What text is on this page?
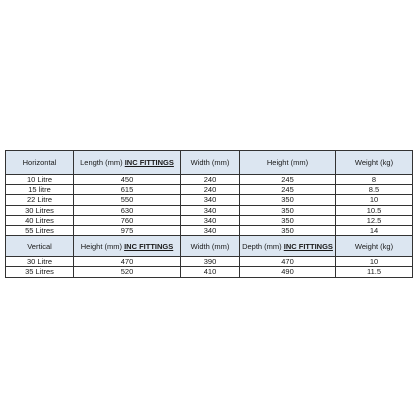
Horizontal	Length (mm) INC FITTINGS	Width (mm)	Height (mm)	Weight (kg)
10 Litre	450	240	245	8
15 litre	615	240	245	8.5
22 Litre	550	340	350	10
30 Litres	630	340	350	10.5
40 Litres	760	340	350	12.5
55 Litres	975	340	350	14
Vertical	Height (mm) INC FITTINGS	Width (mm)	Depth (mm) INC FITTINGS	Weight (kg)
30 Litre	470	390	470	10
35 Litres	520	410	490	11.5
